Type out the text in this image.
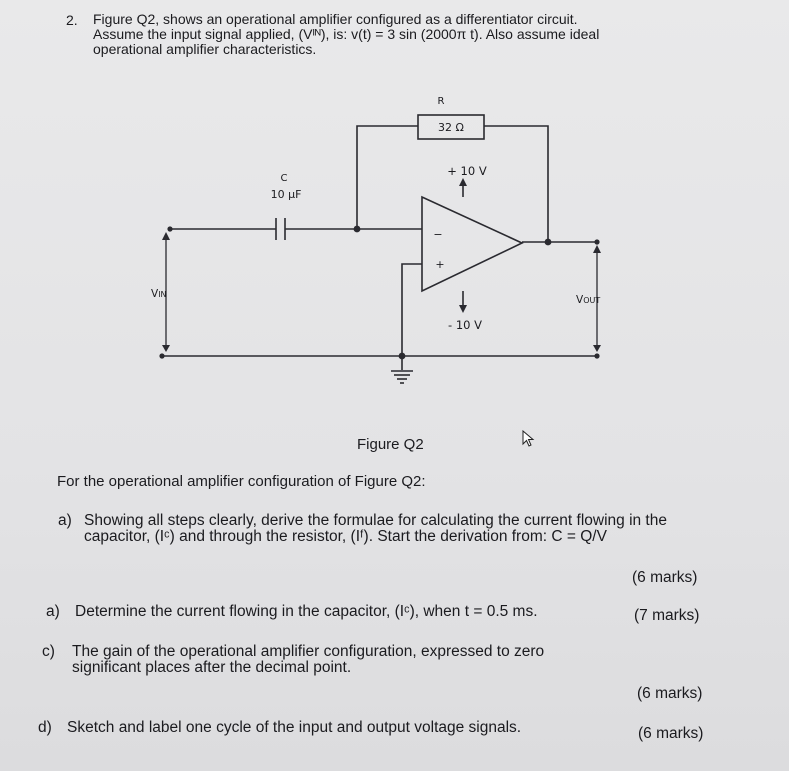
2. Figure Q2, shows an operational amplifier configured as a differentiator circuit.
Assume the input signal applied, (Vᴵᴺ), is: v(t) = 3 sin (2000π t). Also assume ideal
operational amplifier characteristics.
R
32 Ω
C
10 µF
+ 10 V
- 10 V
−
+
VIN	VOUT
Figure Q2
For the operational amplifier configuration of Figure Q2:
a) Showing all steps clearly, derive the formulae for calculating the current flowing in the
capacitor, (Iᶜ) and through the resistor, (Iᶠ). Start the derivation from: C = Q/V
(6 marks)
a) Determine the current flowing in the capacitor, (Iᶜ), when t = 0.5 ms.	(7 marks)
c) The gain of the operational amplifier configuration, expressed to zero
significant places after the decimal point.
(6 marks)
d) Sketch and label one cycle of the input and output voltage signals.	(6 marks)
